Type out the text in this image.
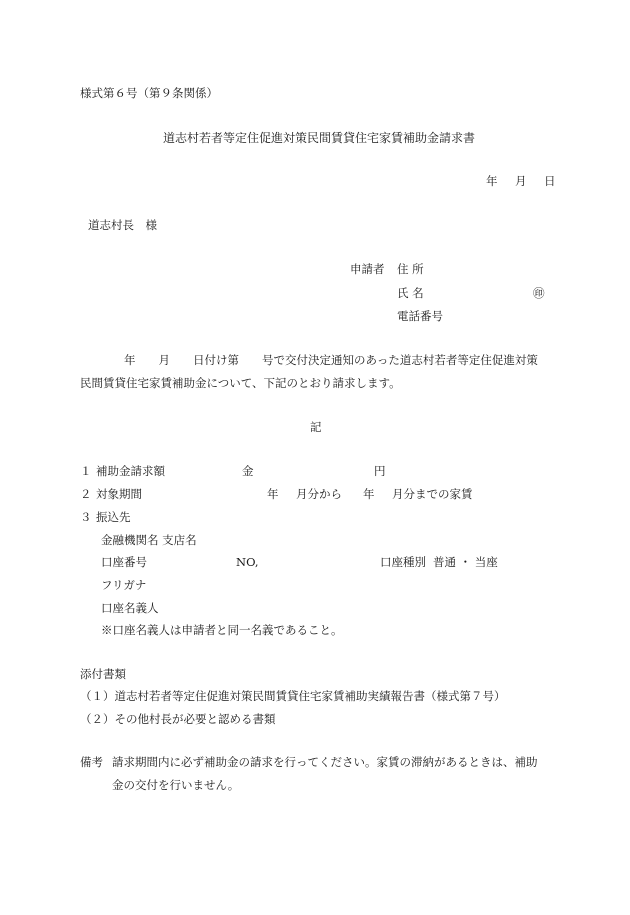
様式第６号（第９条関係）
道志村若者等定住促進対策民間賃貸住宅家賃補助金請求書
年 月 日
道志村長　様
申請者 住 所
氏 名	㊞
電話番号
年　　月　　日付け第　　号で交付決定通知のあった道志村若者等定住促進対策
民間賃貸住宅家賃補助金について、下記のとおり請求します。
記
１ 補助金請求額	金	円
２ 対象期間	年 月分から 年 月分までの家賃
３ 振込先
金融機関名 支店名
口座番号	NO,	口座種別 普通 ・ 当座
フリガナ
口座名義人
※口座名義人は申請者と同一名義であること。
添付書類
（１）道志村若者等定住促進対策民間賃貸住宅家賃補助実績報告書（様式第７号）
（２）その他村長が必要と認める書類
備考 請求期間内に必ず補助金の請求を行ってください。家賃の滞納があるときは、補助
金の交付を行いません。
